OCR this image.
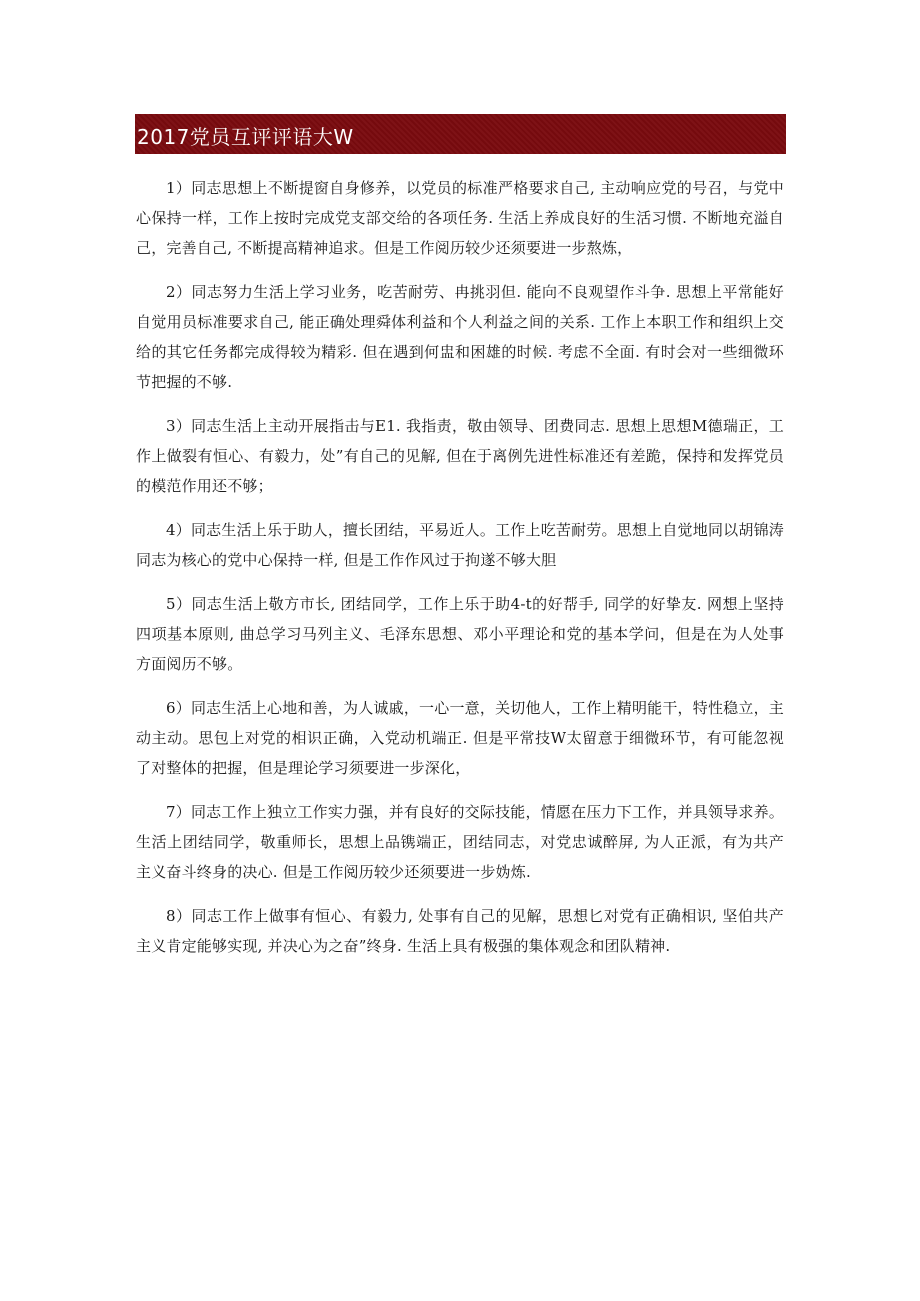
2017党员互评评语大W

1）同志思想上不断提窗自身修养，以党员的标准严格要求自己, 主动响应党的号召，与党中心保持一样，工作上按时完成党支部交给的各项任务. 生活上养成良好的生活习惯. 不断地充溢自己，完善自己, 不断提高精神追求。但是工作阅历较少还须要进一步熬炼，

2）同志努力生活上学习业务，吃苦耐劳、冉挑羽但. 能向不良观望作斗争. 思想上平常能好自觉用员标准要求自己, 能正确处理舜体利益和个人利益之间的关系. 工作上本职工作和组织上交给的其它任务都完成得较为精彩. 但在遇到何盅和困雄的时候. 考虑不全面. 有时会对一些细微环节把握的不够.

3）同志生活上主动开展指击与E1. 我指责，敬由领导、团费同志. 思想上思想M德瑞正，工作上做裂有恒心、有毅力，处”有自己的见解, 但在于离例先进性标准还有差跪，保持和发挥党员的模范作用还不够；

4）同志生活上乐于助人，擅长团结，平易近人。工作上吃苦耐劳。思想上自觉地同以胡锦涛同志为核心的党中心保持一样, 但是工作作风过于拘遂不够大胆

5）同志生活上敬方市长, 团结同学，工作上乐于助4-t的好帮手, 同学的好挚友. 网想上坚持四项基本原则, 曲总学习马列主义、毛泽东思想、邓小平理论和党的基本学问，但是在为人处事方面阅历不够。

6）同志生活上心地和善，为人诚戚，一心一意，关切他人，工作上精明能干，特性稳立，主动主动。思包上对党的相识正确，入党动机端正. 但是平常技W太留意于细微环节，有可能忽视了对整体的把握，但是理论学习须要进一步深化，

7）同志工作上独立工作实力强，并有良好的交际技能，情愿在压力下工作，并具领导求养。生活上团结同学，敬重师长，思想上品镌端正，团结同志，对党忠诚醉屏, 为人正派，有为共产主义奋斗终身的决心. 但是工作阅历较少还须要进一步妫炼.

8）同志工作上做事有恒心、有毅力, 处事有自己的见解，思想匕对党有正确相识, 坚伯共产主义肯定能够实现, 并决心为之奋”终身. 生活上具有极强的集体观念和团队精神.
